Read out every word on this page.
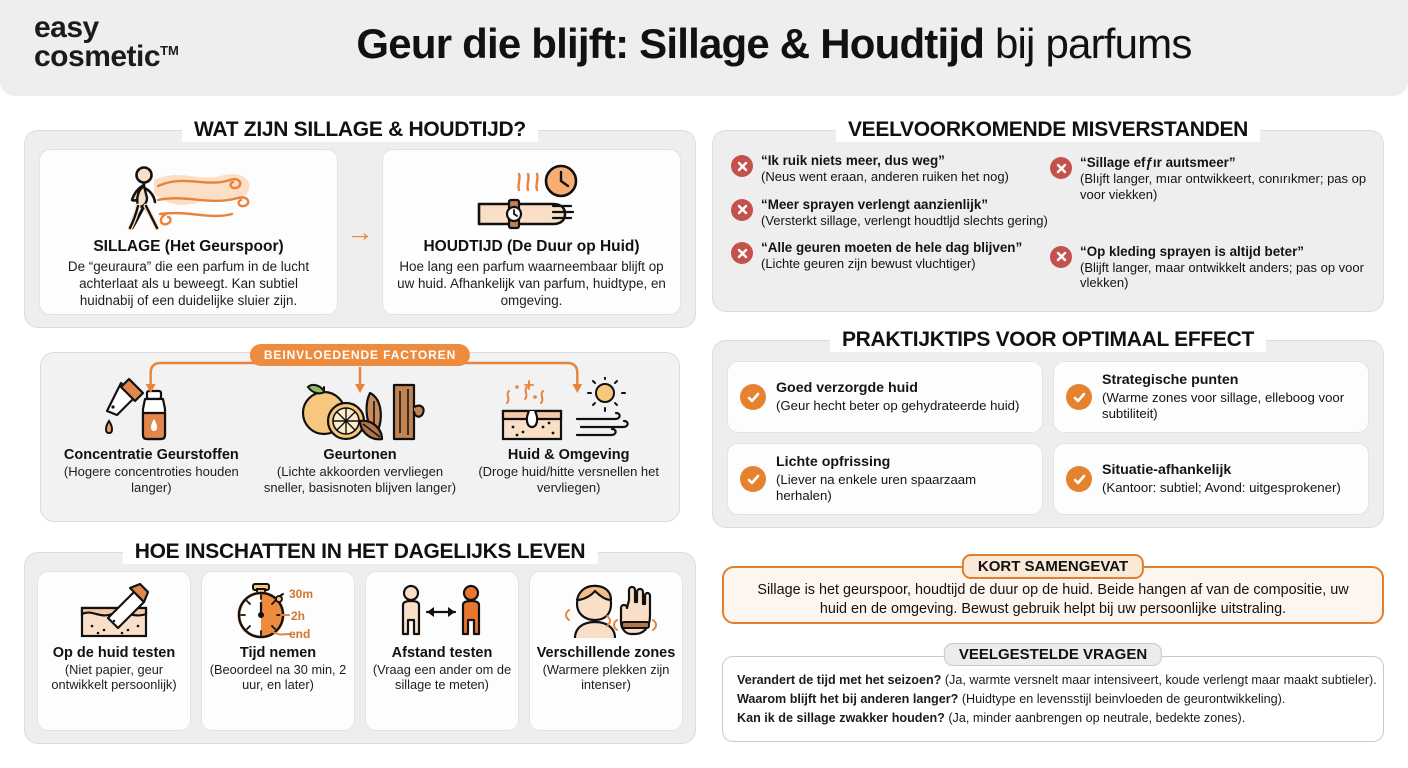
easy
cosmetic™	Geur die blijft: Sillage & Houdtijd bij parfums
WAT ZIJN SILLAGE & HOUDTIJD?
SILLAGE (Het Geurspoor)
De “geuraura” die een parfum in de lucht achterlaat als u beweegt. Kan subtiel huidnabij of een duidelijke sluier zijn.
→	HOUDTIJD (De Duur op Huid)
Hoe lang een parfum waarneembaar blijft op uw huid. Afhankelijk van parfum, huidtype, en omgeving.
BEINVLOEDENDE FACTOREN
Concentratie Geurstoffen
(Hogere concentroties houden langer)
Geurtonen
(Lichte akkoorden vervliegen sneller, basisnoten blijven langer)
Huid & Omgeving
(Droge huid/hitte versnellen het vervliegen)
HOE INSCHATTEN IN HET DAGELIJKS LEVEN
Op de huid testen
(Niet papier, geur ontwikkelt persoonlijk)
30m
2h
end
Tijd nemen
(Beoordeel na 30 min, 2 uur, en later)
Afstand testen
(Vraag een ander om de sillage te meten)
Verschillende zones
(Warmere plekken zijn intenser)
VEELVOORKOMENDE MISVERSTANDEN
“Ik ruik niets meer, dus weg”
(Neus went eraan, anderen ruiken het nog)
“Meer sprayen verlengt aanzienlijk”
(Versterkt sillage, verlengt houdtljd slechts gering)
“Alle geuren moeten de hele dag blijven”
(Lichte geuren zijn bewust vluchtiger)
“Sillage efƒır auıtsmeer”
(Blıjft langer, mıar ontwikkeert, conırıkmer; pas op voor viekken)
“Op kleding sprayen is altijd beter”
(Blijft langer, maar ontwikkelt anders; pas op voor vlekken)
PRAKTIJKTIPS VOOR OPTIMAAL EFFECT
Goed verzorgde huid
(Geur hecht beter op gehydrateerde huid)
Strategische punten
(Warme zones voor sillage, elleboog voor subtiliteit)
Lichte opfrissing
(Liever na enkele uren spaarzaam herhalen)
Situatie-afhankelijk
(Kantoor: subtiel; Avond: uitgesprokener)
KORT SAMENGEVAT
Sillage is het geurspoor, houdtijd de duur op de huid. Beide hangen af van de compositie, uw huid en de omgeving. Bewust gebruik helpt bij uw persoonlijke uitstraling.
VEELGESTELDE VRAGEN
Verandert de tijd met het seizoen? (Ja, warmte versnelt maar intensiveert, koude verlengt maar maakt subtieler).
Waarom blijft het bij anderen langer? (Huidtype en levensstijl beinvloeden de geurontwikkeling).
Kan ik de sillage zwakker houden? (Ja, minder aanbrengen op neutrale, bedekte zones).
